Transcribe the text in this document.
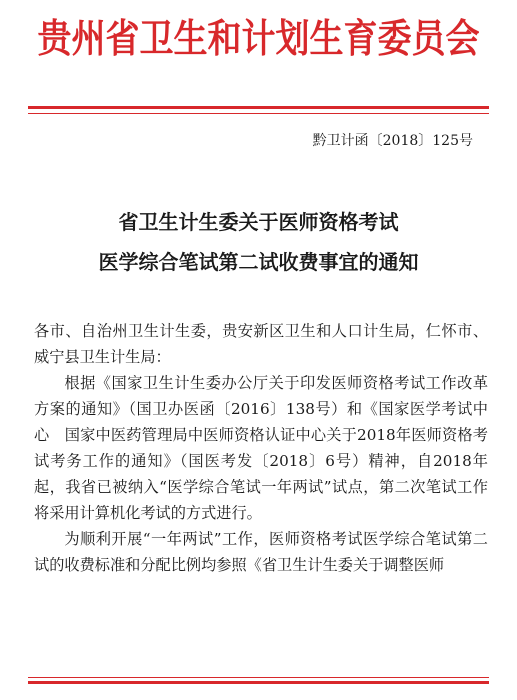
贵州省卫生和计划生育委员会
黔卫计函〔2018〕125号
省卫生计生委关于医师资格考试
医学综合笔试第二试收费事宜的通知

各市、自治州卫生计生委，贵安新区卫生和人口计生局，仁怀市、威宁县卫生计生局：

根据《国家卫生计生委办公厅关于印发医师资格考试工作改革方案的通知》（国卫办医函〔2016〕138号）和《国家医学考试中心　国家中医药管理局中医师资格认证中心关于2018年医师资格考试考务工作的通知》（国医考发〔2018〕6号）精神，自2018年起，我省已被纳入“医学综合笔试一年两试”试点，第二次笔试工作将采用计算机化考试的方式进行。

为顺利开展“一年两试”工作，医师资格考试医学综合笔试第二试的收费标准和分配比例均参照《省卫生计生委关于调整医师
